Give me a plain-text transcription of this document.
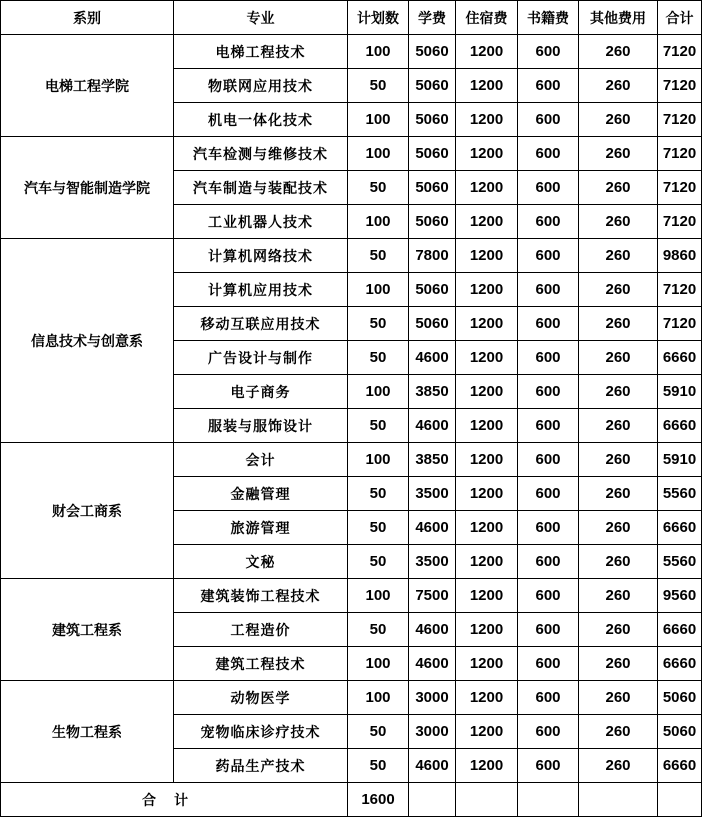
系别	专业	计划数	学费	住宿费	书籍费	其他费用	合计
电梯工程学院	电梯工程技术	100	5060	1200	600	260	7120
	物联网应用技术	50	5060	1200	600	260	7120
	机电一体化技术	100	5060	1200	600	260	7120
汽车与智能制造学院	汽车检测与维修技术	100	5060	1200	600	260	7120
	汽车制造与装配技术	50	5060	1200	600	260	7120
	工业机器人技术	100	5060	1200	600	260	7120
信息技术与创意系	计算机网络技术	50	7800	1200	600	260	9860
	计算机应用技术	100	5060	1200	600	260	7120
	移动互联应用技术	50	5060	1200	600	260	7120
	广告设计与制作	50	4600	1200	600	260	6660
	电子商务	100	3850	1200	600	260	5910
	服装与服饰设计	50	4600	1200	600	260	6660
财会工商系	会计	100	3850	1200	600	260	5910
	金融管理	50	3500	1200	600	260	5560
	旅游管理	50	4600	1200	600	260	6660
	文秘	50	3500	1200	600	260	5560
建筑工程系	建筑装饰工程技术	100	7500	1200	600	260	9560
	工程造价	50	4600	1200	600	260	6660
	建筑工程技术	100	4600	1200	600	260	6660
生物工程系	动物医学	100	3000	1200	600	260	5060
	宠物临床诊疗技术	50	3000	1200	600	260	5060
	药品生产技术	50	4600	1200	600	260	6660
合计		1600					
